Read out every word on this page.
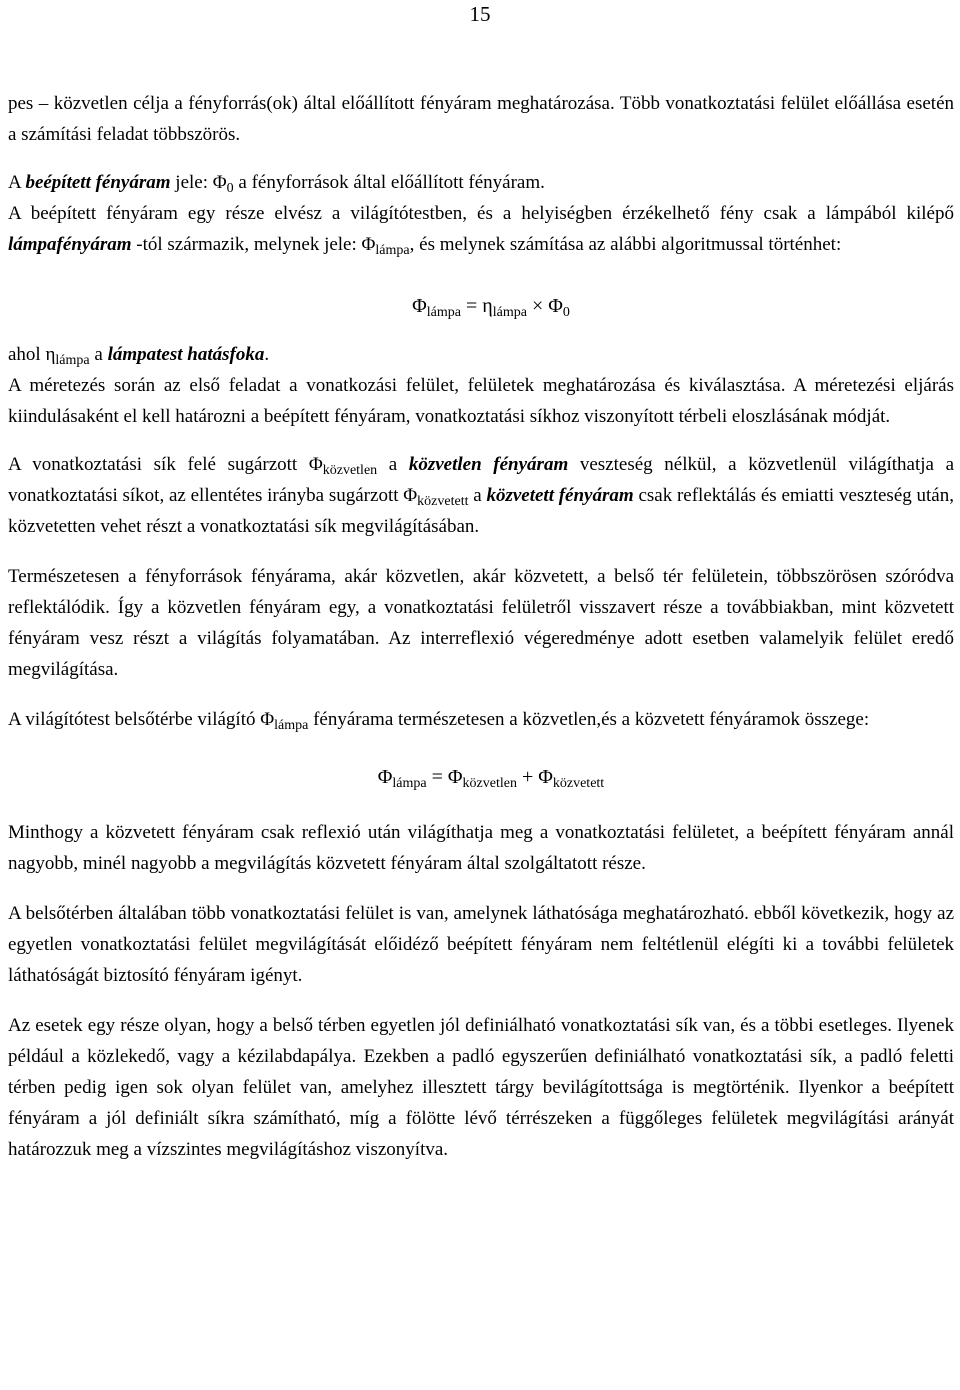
15

pes – közvetlen célja a fényforrás(ok) által előállított fényáram meghatározása. Több vonatkoztatási felület előállása esetén a számítási feladat többszörös.

A beépített fényáram jele: $\Phi_0$ a fényforrások által előállított fényáram.

A beépített fényáram egy része elvész a világítótestben, és a helyiségben érzékelhető fény csak a lámpából kilépő lámpafényáram -tól származik, melynek jele: $\Phi_{lámpa}$, és melynek számítása az alábbi algoritmussal történhet:

$\Phi_{lámpa} = \eta_{lámpa} \times \Phi_0$

ahol $\eta_{lámpa}$ a lámpatest hatásfoka.

A méretezés során az első feladat a vonatkozási felület, felületek meghatározása és kiválasztása. A méretezési eljárás kiindulásaként el kell határozni a beépített fényáram, vonatkoztatási síkhoz viszonyított térbeli eloszlásának módját.

A vonatkoztatási sík felé sugárzott $\Phi_{közvetlen}$ a közvetlen fényáram veszteség nélkül, a közvetlenül világíthatja a vonatkoztatási síkot, az ellentétes irányba sugárzott $\Phi_{közvetett}$ a közvetett fényáram csak reflektálás és emiatti veszteség után, közvetetten vehet részt a vonatkoztatási sík megvilágításában.

Természetesen a fényforrások fényárama, akár közvetlen, akár közvetett, a belső tér felületein, többszörösen szóródva reflektálódik. Így a közvetlen fényáram egy, a vonatkoztatási felületről visszavert része a továbbiakban, mint közvetett fényáram vesz részt a világítás folyamatában. Az interreflexió végeredménye adott esetben valamelyik felület eredő megvilágítása.

A világítótest belsőtérbe világító $\Phi_{lámpa}$ fényárama természetesen a közvetlen,és a közvetett fényáramok összege:

$\Phi_{lámpa} = \Phi_{közvetlen} + \Phi_{közvetett}$

Minthogy a közvetett fényáram csak reflexió után világíthatja meg a vonatkoztatási felületet, a beépített fényáram annál nagyobb, minél nagyobb a megvilágítás közvetett fényáram által szolgáltatott része.

A belsőtérben általában több vonatkoztatási felület is van, amelynek láthatósága meghatározható. ebből következik, hogy az egyetlen vonatkoztatási felület megvilágítását előidéző beépített fényáram nem feltétlenül elégíti ki a további felületek láthatóságát biztosító fényáram igényt.

Az esetek egy része olyan, hogy a belső térben egyetlen jól definiálható vonatkoztatási sík van, és a többi esetleges. Ilyenek például a közlekedő, vagy a kézilabdapálya. Ezekben a padló egyszerűen definiálható vonatkoztatási sík, a padló feletti térben pedig igen sok olyan felület van, amelyhez illesztett tárgy bevilágítottsága is megtörténik. Ilyenkor a beépített fényáram a jól definiált síkra számítható, míg a fölötte lévő térrészeken a függőleges felületek megvilágítási arányát határozzuk meg a vízszintes megvilágításhoz viszonyítva.
